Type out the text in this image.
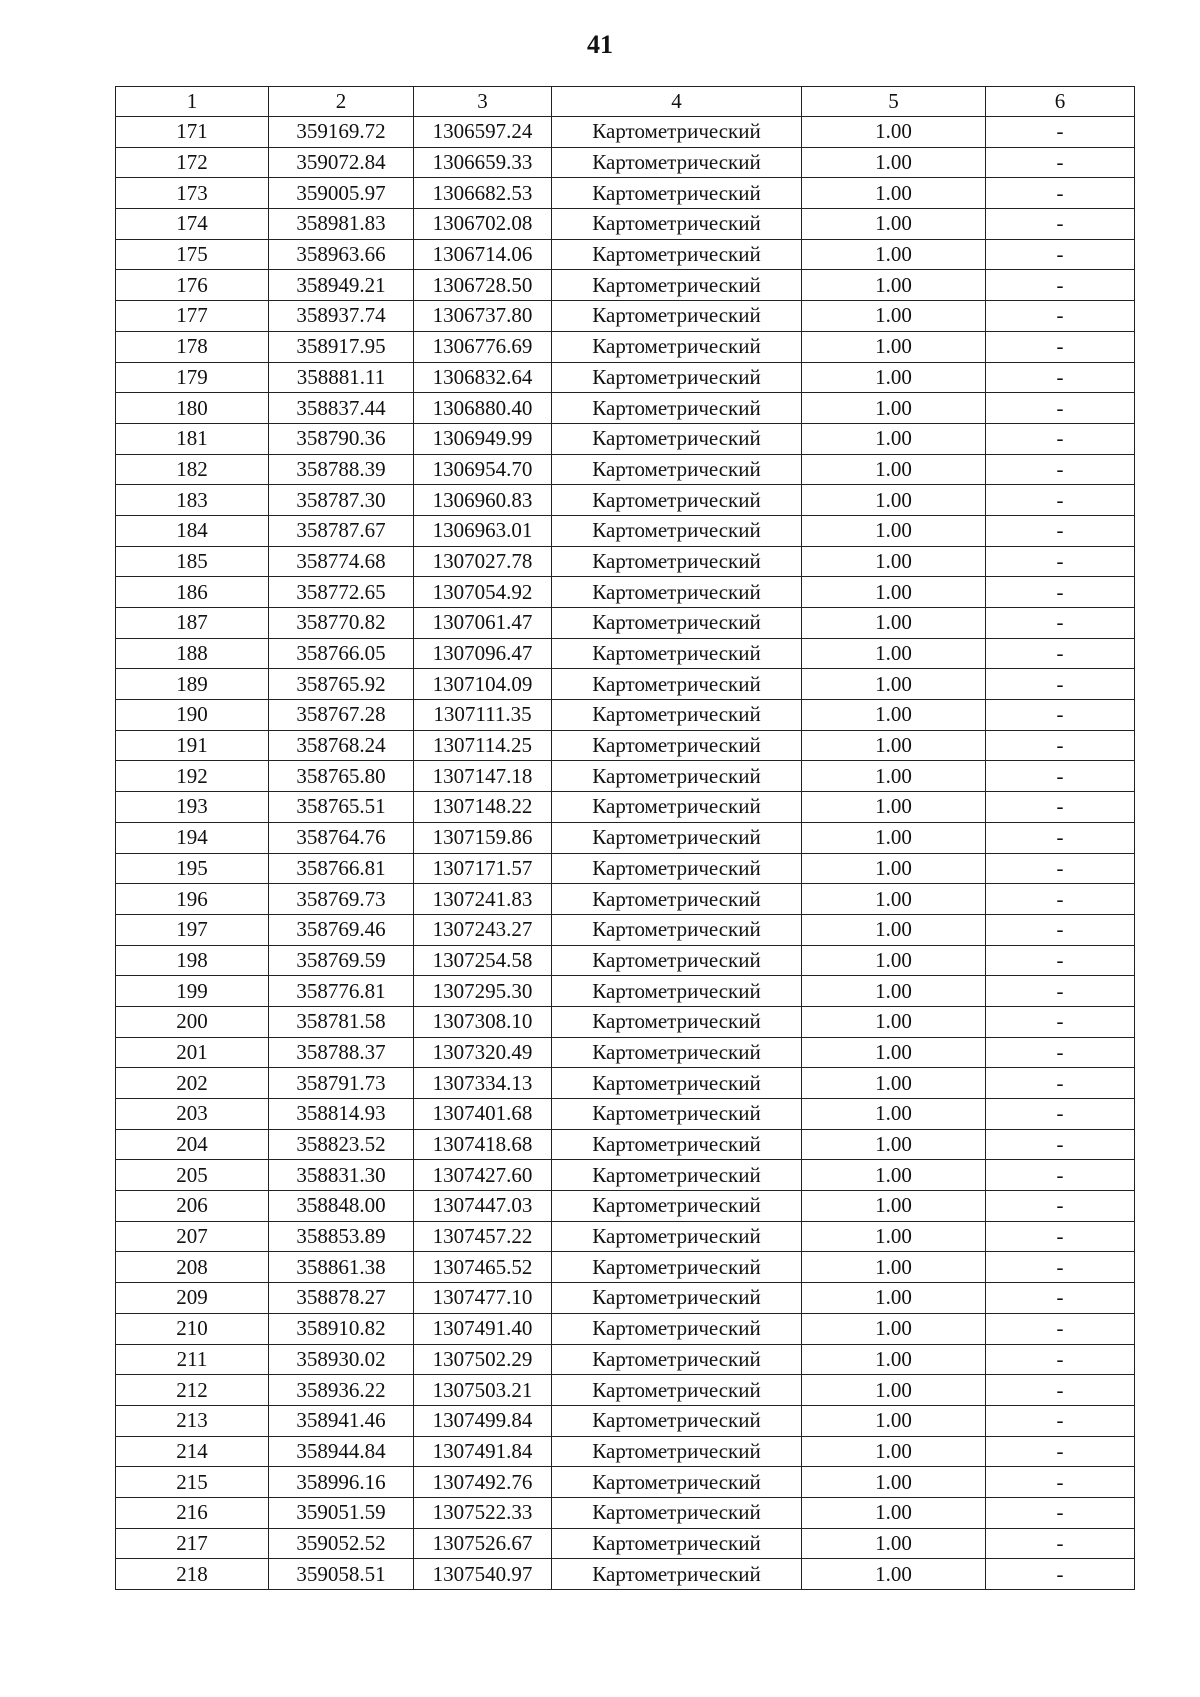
41
1	2	3	4	5	6
171	359169.72	1306597.24	Картометрический	1.00	-
172	359072.84	1306659.33	Картометрический	1.00	-
173	359005.97	1306682.53	Картометрический	1.00	-
174	358981.83	1306702.08	Картометрический	1.00	-
175	358963.66	1306714.06	Картометрический	1.00	-
176	358949.21	1306728.50	Картометрический	1.00	-
177	358937.74	1306737.80	Картометрический	1.00	-
178	358917.95	1306776.69	Картометрический	1.00	-
179	358881.11	1306832.64	Картометрический	1.00	-
180	358837.44	1306880.40	Картометрический	1.00	-
181	358790.36	1306949.99	Картометрический	1.00	-
182	358788.39	1306954.70	Картометрический	1.00	-
183	358787.30	1306960.83	Картометрический	1.00	-
184	358787.67	1306963.01	Картометрический	1.00	-
185	358774.68	1307027.78	Картометрический	1.00	-
186	358772.65	1307054.92	Картометрический	1.00	-
187	358770.82	1307061.47	Картометрический	1.00	-
188	358766.05	1307096.47	Картометрический	1.00	-
189	358765.92	1307104.09	Картометрический	1.00	-
190	358767.28	1307111.35	Картометрический	1.00	-
191	358768.24	1307114.25	Картометрический	1.00	-
192	358765.80	1307147.18	Картометрический	1.00	-
193	358765.51	1307148.22	Картометрический	1.00	-
194	358764.76	1307159.86	Картометрический	1.00	-
195	358766.81	1307171.57	Картометрический	1.00	-
196	358769.73	1307241.83	Картометрический	1.00	-
197	358769.46	1307243.27	Картометрический	1.00	-
198	358769.59	1307254.58	Картометрический	1.00	-
199	358776.81	1307295.30	Картометрический	1.00	-
200	358781.58	1307308.10	Картометрический	1.00	-
201	358788.37	1307320.49	Картометрический	1.00	-
202	358791.73	1307334.13	Картометрический	1.00	-
203	358814.93	1307401.68	Картометрический	1.00	-
204	358823.52	1307418.68	Картометрический	1.00	-
205	358831.30	1307427.60	Картометрический	1.00	-
206	358848.00	1307447.03	Картометрический	1.00	-
207	358853.89	1307457.22	Картометрический	1.00	-
208	358861.38	1307465.52	Картометрический	1.00	-
209	358878.27	1307477.10	Картометрический	1.00	-
210	358910.82	1307491.40	Картометрический	1.00	-
211	358930.02	1307502.29	Картометрический	1.00	-
212	358936.22	1307503.21	Картометрический	1.00	-
213	358941.46	1307499.84	Картометрический	1.00	-
214	358944.84	1307491.84	Картометрический	1.00	-
215	358996.16	1307492.76	Картометрический	1.00	-
216	359051.59	1307522.33	Картометрический	1.00	-
217	359052.52	1307526.67	Картометрический	1.00	-
218	359058.51	1307540.97	Картометрический	1.00	-
